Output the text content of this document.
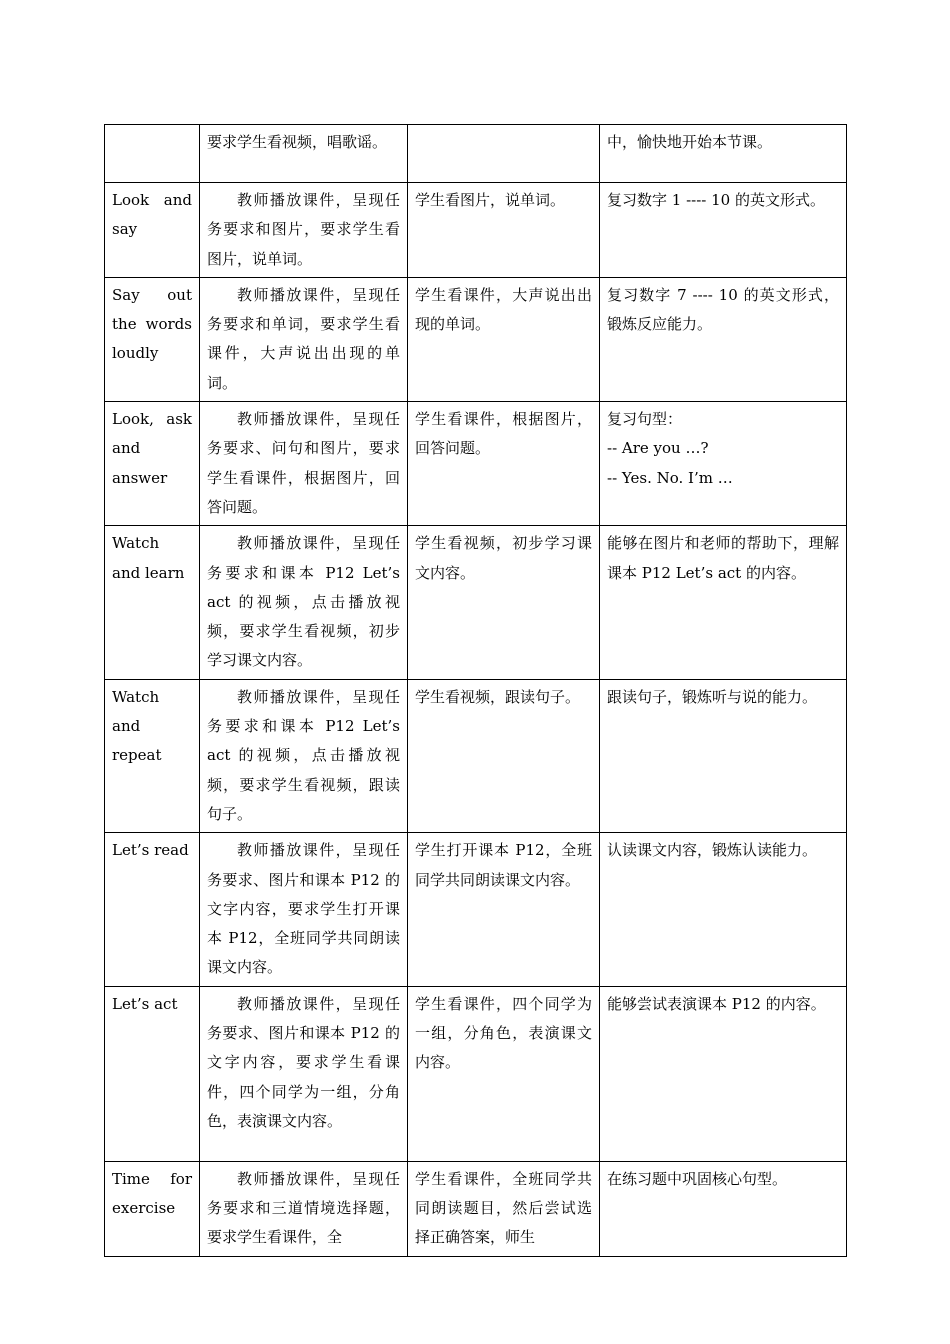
	要求学生看视频，唱歌谣。		中，愉快地开始本节课。
Look and say	教师播放课件，呈现任务要求和图片，要求学生看图片，说单词。	学生看图片，说单词。	复习数字 1 ---- 10 的英文形式。
Say out the words loudly	教师播放课件，呈现任务要求和单词，要求学生看课件，大声说出出现的单词。	学生看课件，大声说出出现的单词。	复习数字 7 ---- 10 的英文形式，锻炼反应能力。
Look, ask and answer	教师播放课件，呈现任务要求、问句和图片，要求学生看课件，根据图片，回答问题。	学生看课件，根据图片，回答问题。	复习句型：
-- Are you …?
-- Yes. No. I’m …

Watch and learn	教师播放课件，呈现任务要求和课本 P12 Let’s act 的视频，点击播放视频，要求学生看视频，初步学习课文内容。	学生看视频，初步学习课文内容。	能够在图片和老师的帮助下，理解课本 P12 Let’s act 的内容。
Watch and repeat	教师播放课件，呈现任务要求和课本 P12 Let’s act 的视频，点击播放视频，要求学生看视频，跟读句子。	学生看视频，跟读句子。	跟读句子，锻炼听与说的能力。
Let’s read	教师播放课件，呈现任务要求、图片和课本 P12 的文字内容，要求学生打开课本 P12，全班同学共同朗读课文内容。	学生打开课本 P12，全班同学共同朗读课文内容。	认读课文内容，锻炼认读能力。
Let’s act	教师播放课件，呈现任务要求、图片和课本 P12 的文字内容，要求学生看课件，四个同学为一组，分角色，表演课文内容。	学生看课件，四个同学为一组，分角色，表演课文内容。	能够尝试表演课本 P12 的内容。
Time for exercise	教师播放课件，呈现任务要求和三道情境选择题，要求学生看课件，全	学生看课件，全班同学共同朗读题目，然后尝试选择正确答案，师生	在练习题中巩固核心句型。
